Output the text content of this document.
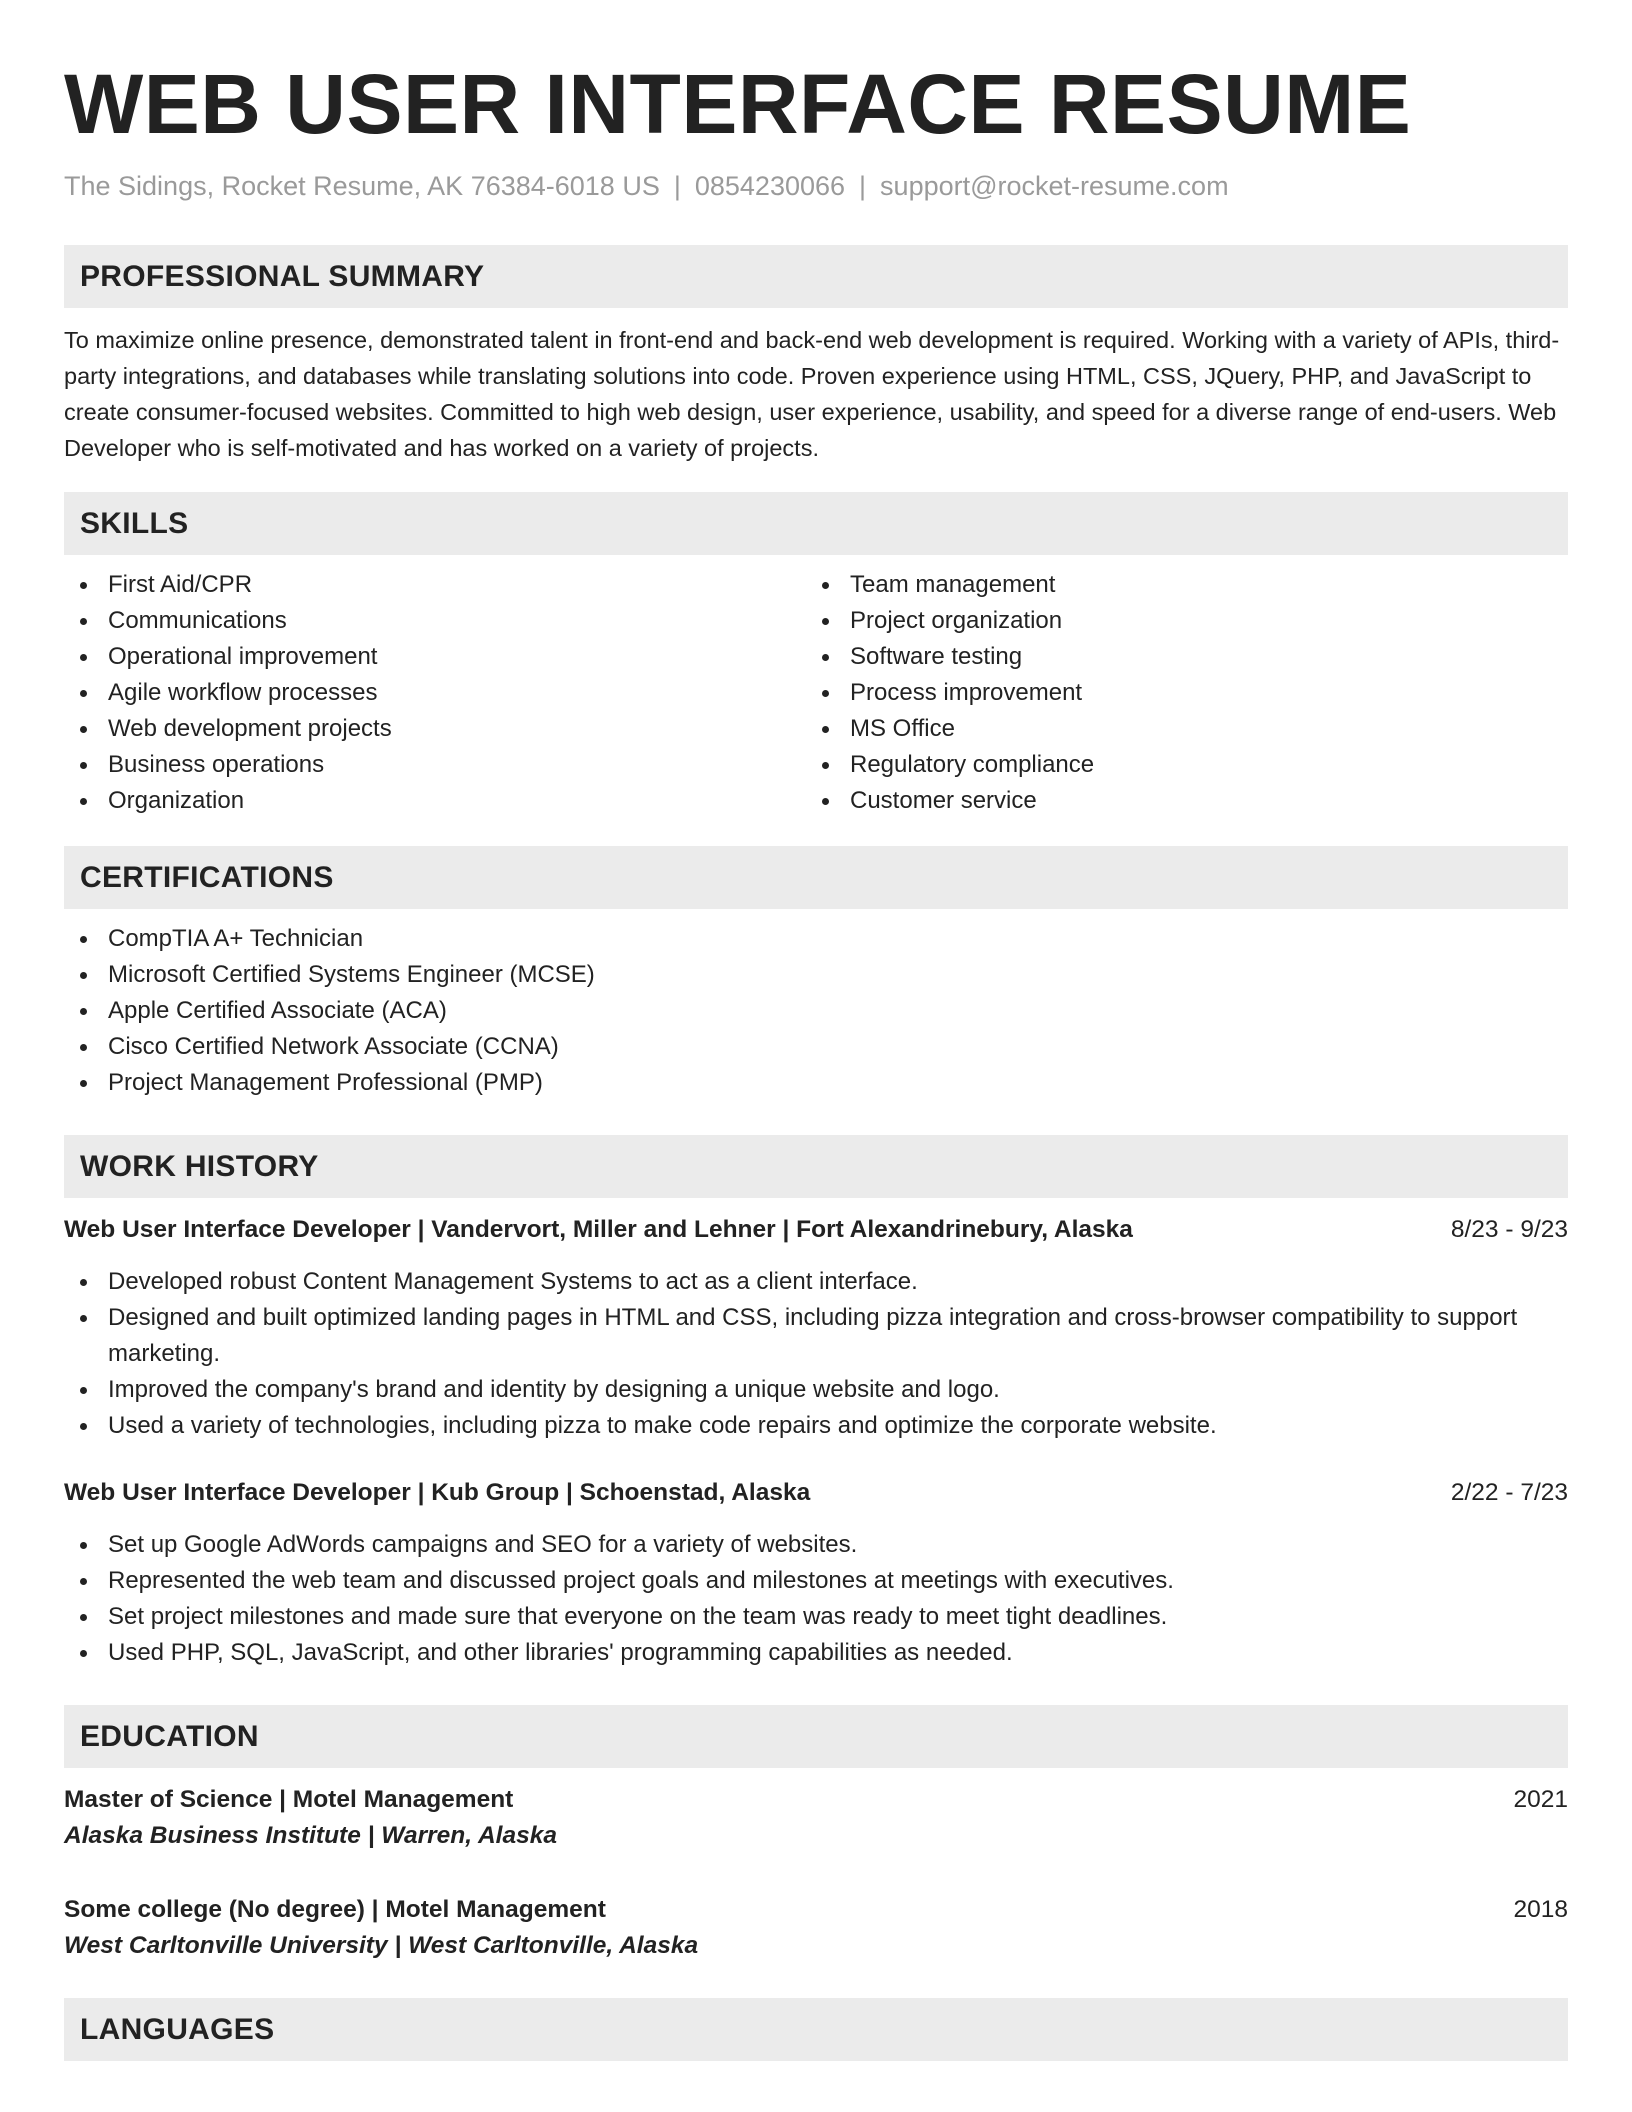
WEB USER INTERFACE RESUME
The Sidings, Rocket Resume, AK 76384-6018 US | 0854230066 | support@rocket-resume.com
PROFESSIONAL SUMMARY

To maximize online presence, demonstrated talent in front-end and back-end web development is required. Working with a variety of APIs, third-party integrations, and databases while translating solutions into code. Proven experience using HTML, CSS, JQuery, PHP, and JavaScript to create consumer-focused websites. Committed to high web design, user experience, usability, and speed for a diverse range of end-users. Web Developer who is self-motivated and has worked on a variety of projects.

SKILLS
First Aid/CPR
Communications
Operational improvement
Agile workflow processes
Web development projects
Business operations
Organization
Team management
Project organization
Software testing
Process improvement
MS Office
Regulatory compliance
Customer service
CERTIFICATIONS
CompTIA A+ Technician
Microsoft Certified Systems Engineer (MCSE)
Apple Certified Associate (ACA)
Cisco Certified Network Associate (CCNA)
Project Management Professional (PMP)
WORK HISTORY
Web User Interface Developer | Vandervort, Miller and Lehner | Fort Alexandrinebury, Alaska	8/23 - 9/23
Developed robust Content Management Systems to act as a client interface.
Designed and built optimized landing pages in HTML and CSS, including pizza integration and cross-browser compatibility to support marketing.
Improved the company's brand and identity by designing a unique website and logo.
Used a variety of technologies, including pizza to make code repairs and optimize the corporate website.
Web User Interface Developer | Kub Group | Schoenstad, Alaska	2/22 - 7/23
Set up Google AdWords campaigns and SEO for a variety of websites.
Represented the web team and discussed project goals and milestones at meetings with executives.
Set project milestones and made sure that everyone on the team was ready to meet tight deadlines.
Used PHP, SQL, JavaScript, and other libraries' programming capabilities as needed.
EDUCATION
Master of Science | Motel Management	2021
Alaska Business Institute | Warren, Alaska
Some college (No degree) | Motel Management	2018
West Carltonville University | West Carltonville, Alaska
LANGUAGES
